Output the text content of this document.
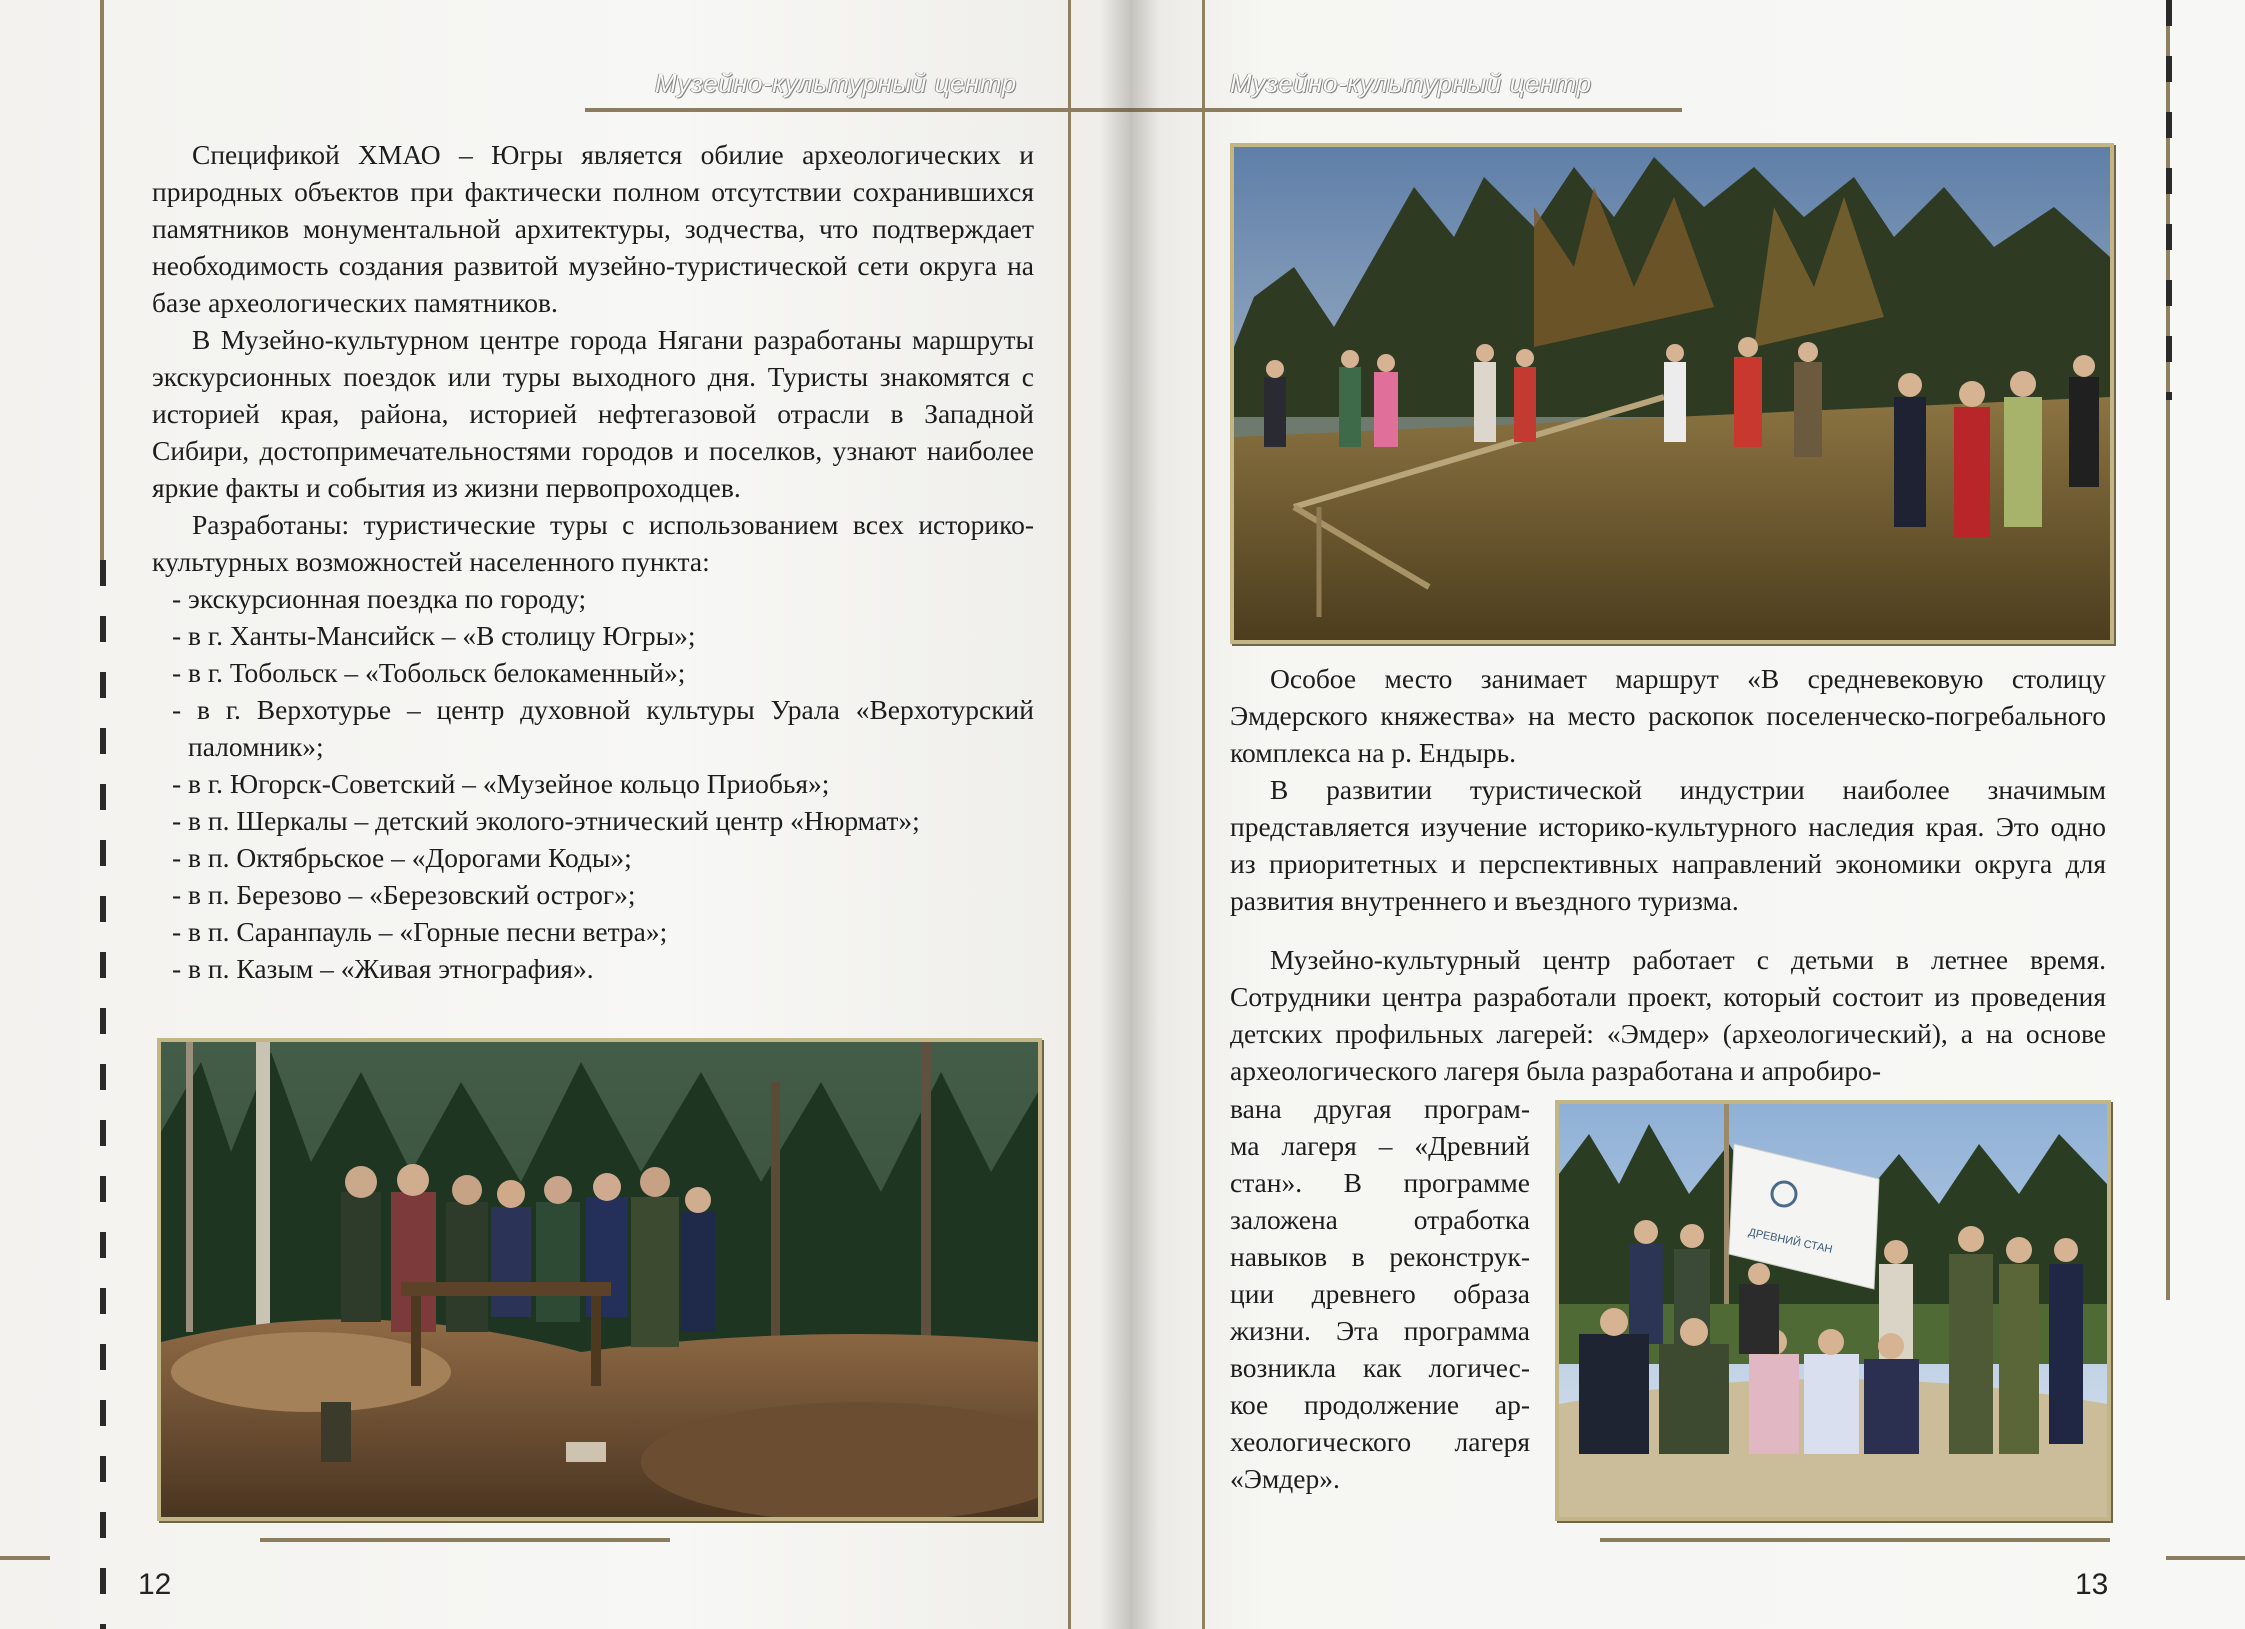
Музейно-культурный центр

Спецификой ХМАО – Югры является обилие археологических и природных объектов при фактически полном отсутствии сохранившихся памятников монументальной архитектуры, зодчества, что подтверждает необходимость создания развитой музейно-туристической сети округа на базе археологических памятников.

В Музейно-культурном центре города Нягани разработаны маршруты экскурсионных поездок или туры выходного дня. Туристы знакомятся с историей края, района, историей нефтегазовой отрасли в Западной Сибири, достопримечательностями городов и поселков, узнают наиболее яркие факты и события из жизни первопроходцев.

Разработаны: туристические туры с использованием всех историко-культурных возможностей населенного пункта:

- экскурсионная поездка по городу;
- в г. Ханты-Мансийск – «В столицу Югры»;
- в г. Тобольск – «Тобольск белокаменный»;
- в г. Верхотурье – центр духовной культуры Урала «Верхотурский паломник»;
- в г. Югорск-Советский – «Музейное кольцо Приобья»;
- в п. Шеркалы – детский эколого-этнический центр «Нюрмат»;
- в п. Октябрьское – «Дорогами Коды»;
- в п. Березово – «Березовский острог»;
- в п. Саранпауль – «Горные песни ветра»;
- в п. Казым – «Живая этнография».
12
Музейно-культурный центр

Особое место занимает маршрут «В средневековую столицу Эмдерского княжества» на место раскопок поселенческо-погребального комплекса на р. Ендырь.

В развитии туристической индустрии наиболее значимым представляется изучение историко-культурного наследия края. Это одно из приоритетных и перспективных направлений экономики округа для развития внутреннего и въездного туризма.

Музейно-культурный центр работает с детьми в летнее время. Сотрудники центра разработали проект, который состоит из проведения детских профильных лагерей: «Эмдер» (археологический), а на основе археологического лагеря была разработана и апробиро-

вана другая програм-

ма лагеря – «Древний

стан». В программе

заложена отработка

навыков в реконструк-

ции древнего образа

жизни. Эта программа

возникла как логичес-

кое продолжение ар-

хеологического лагеря

«Эмдер».

ДРЕВНИЙ СТАН
13
